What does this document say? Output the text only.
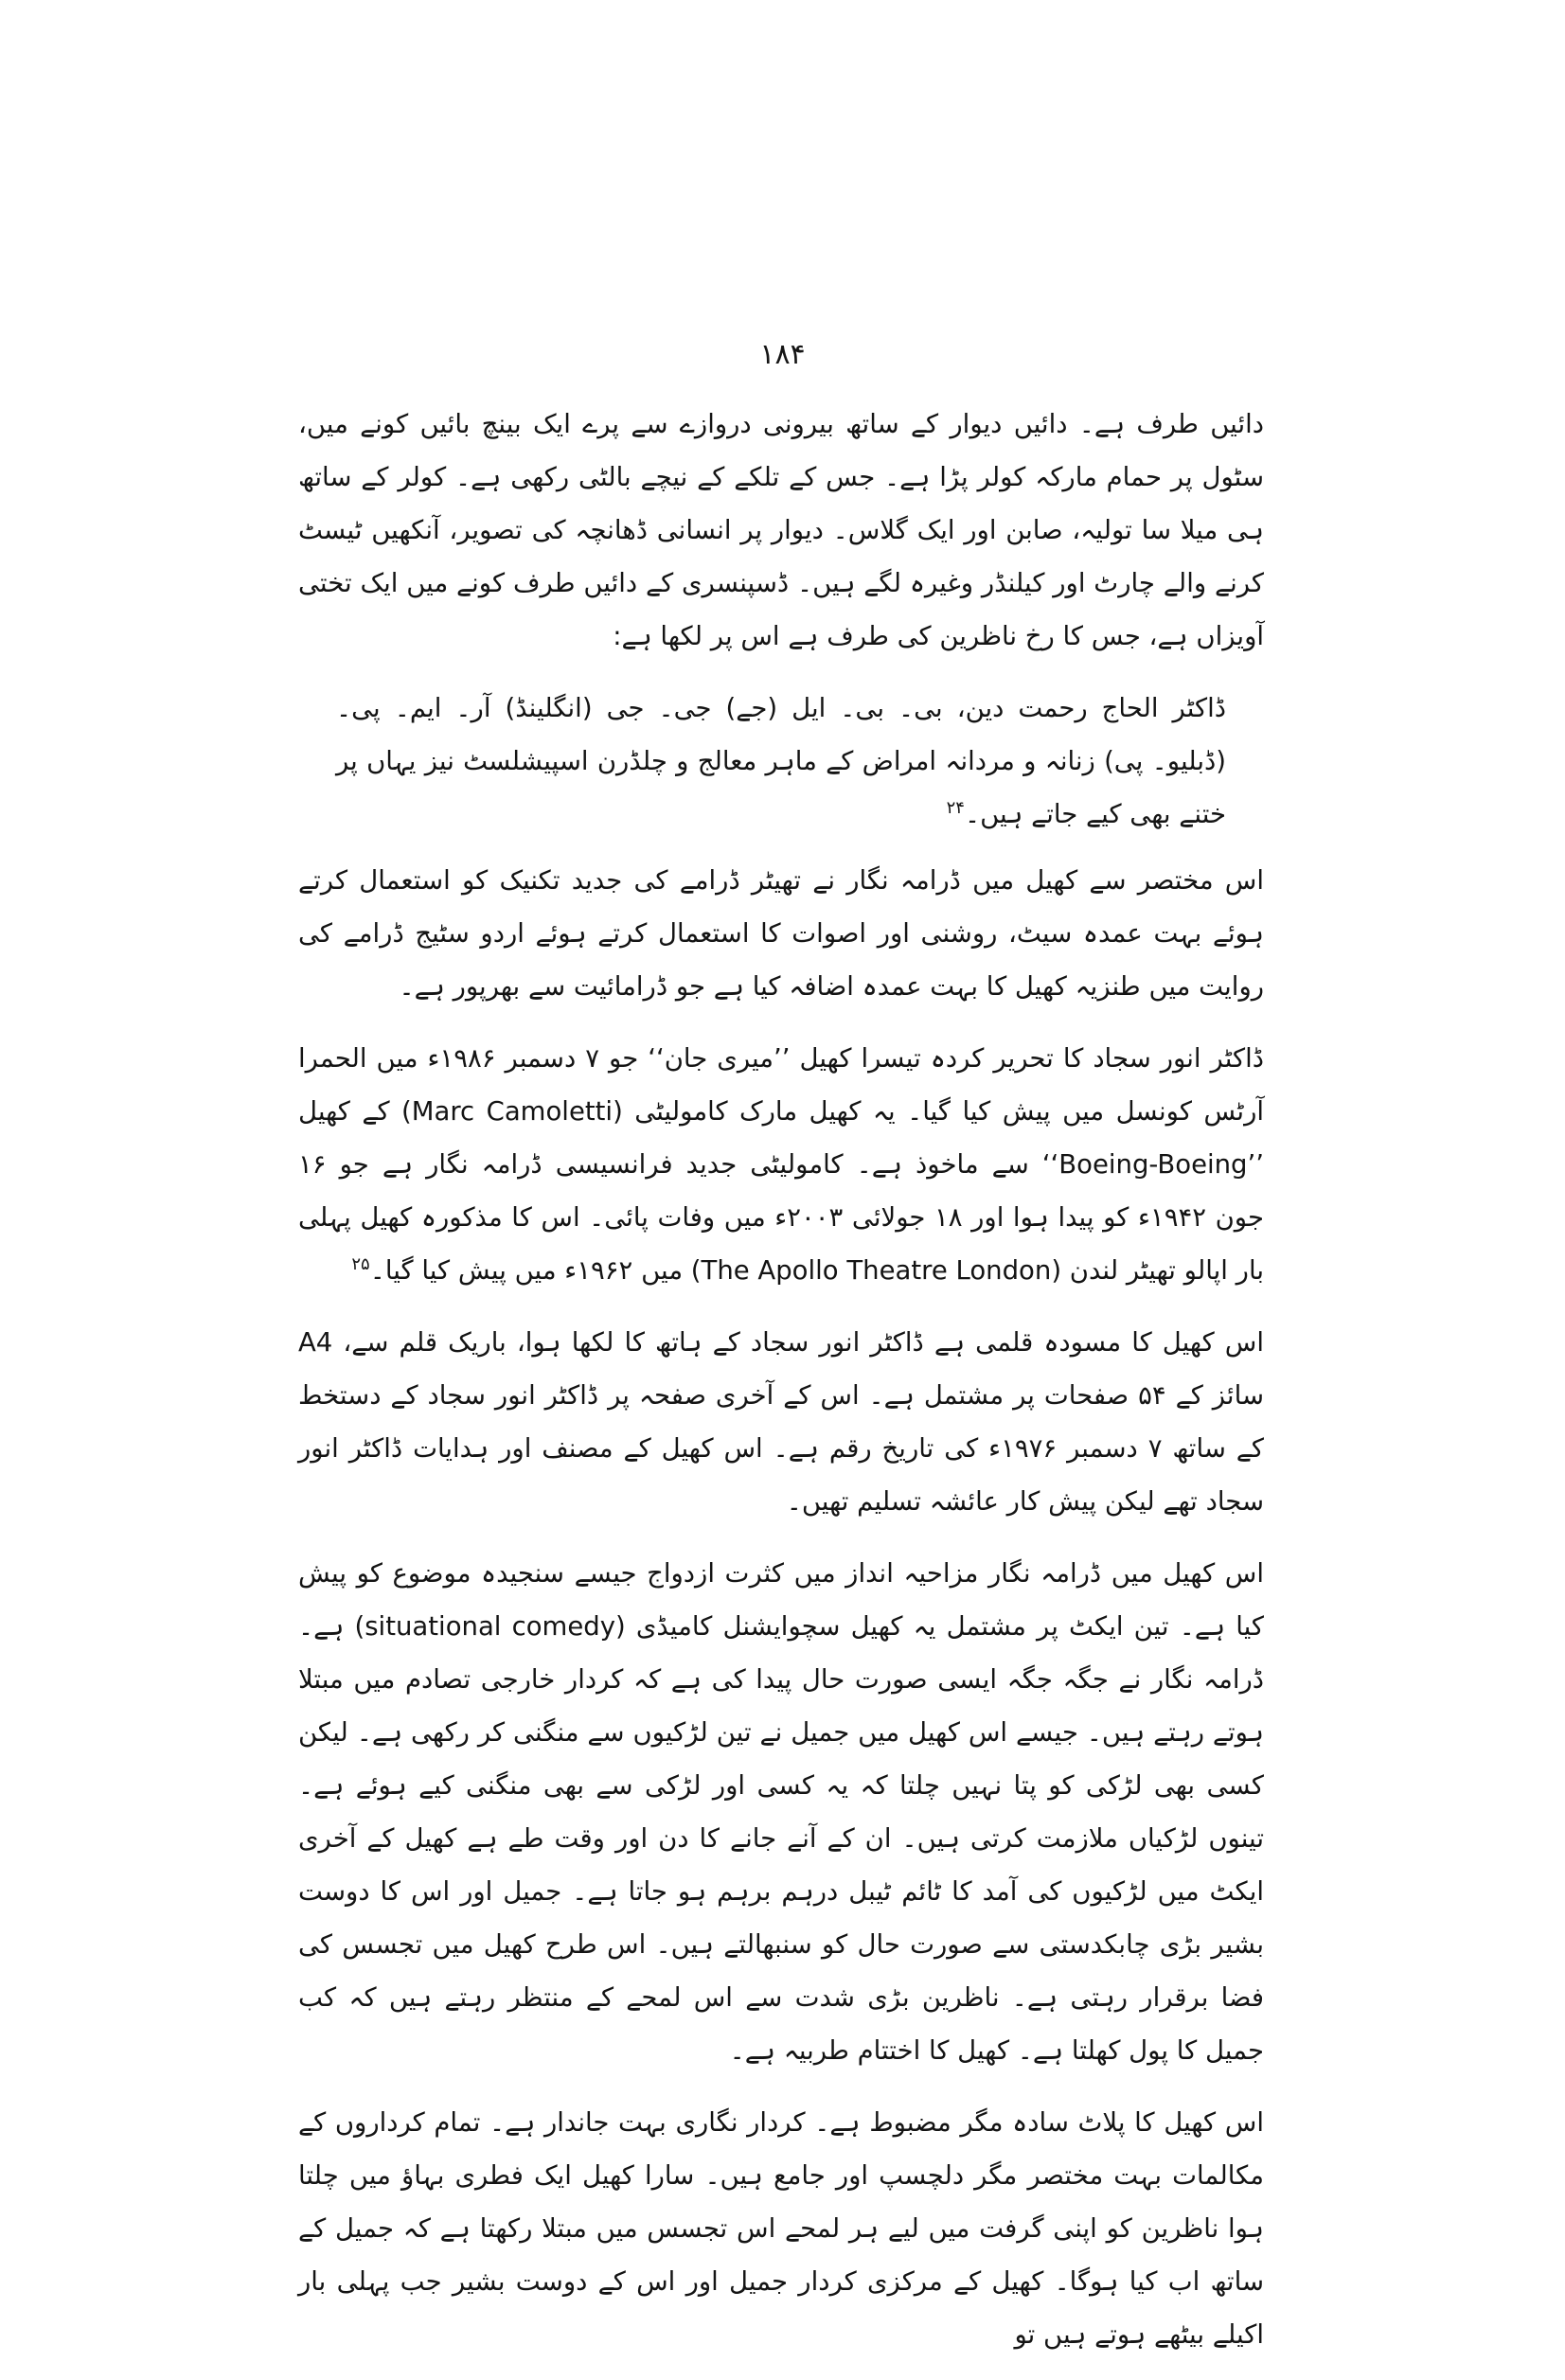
۱۸۴

دائیں طرف ہے۔ دائیں دیوار کے ساتھ بیرونی دروازے سے پرے ایک بینچ بائیں کونے میں، سٹول پر حمام مارکہ کولر پڑا ہے۔ جس کے تلکے کے نیچے بالٹی رکھی ہے۔ کولر کے ساتھ ہی میلا سا تولیہ، صابن اور ایک گلاس۔ دیوار پر انسانی ڈھانچہ کی تصویر، آنکھیں ٹیسٹ کرنے والے چارٹ اور کیلنڈر وغیرہ لگے ہیں۔ ڈسپنسری کے دائیں طرف کونے میں ایک تختی آویزاں ہے، جس کا رخ ناظرین کی طرف ہے اس پر لکھا ہے:

ڈاکٹر الحاج رحمت دین، بی۔ بی۔ ایل (جے) جی۔ جی (انگلینڈ) آر۔ ایم۔ پی۔ (ڈبلیو۔ پی) زنانہ و مردانہ امراض کے ماہر معالج و چلڈرن اسپیشلسٹ نیز یہاں پر ختنے بھی کیے جاتے ہیں۔$^{۲۴}$

اس مختصر سے کھیل میں ڈرامہ نگار نے تھیٹر ڈرامے کی جدید تکنیک کو استعمال کرتے ہوئے بہت عمدہ سیٹ، روشنی اور اصوات کا استعمال کرتے ہوئے اردو سٹیج ڈرامے کی روایت میں طنزیہ کھیل کا بہت عمدہ اضافہ کیا ہے جو ڈرامائیت سے بھرپور ہے۔

ڈاکٹر انور سجاد کا تحریر کردہ تیسرا کھیل ’’میری جان‘‘ جو ۷ دسمبر ۱۹۸۶ء میں الحمرا آرٹس کونسل میں پیش کیا گیا۔ یہ کھیل مارک کامولیٹی (Marc Camoletti) کے کھیل ’’Boeing-Boeing‘‘ سے ماخوذ ہے۔ کامولیٹی جدید فرانسیسی ڈرامہ نگار ہے جو ۱۶ جون ۱۹۴۲ء کو پیدا ہوا اور ۱۸ جولائی ۲۰۰۳ء میں وفات پائی۔ اس کا مذکورہ کھیل پہلی بار اپالو تھیٹر لندن (The Apollo Theatre London) میں ۱۹۶۲ء میں پیش کیا گیا۔$^{۲۵}$

اس کھیل کا مسودہ قلمی ہے ڈاکٹر انور سجاد کے ہاتھ کا لکھا ہوا، باریک قلم سے، A4 سائز کے ۵۴ صفحات پر مشتمل ہے۔ اس کے آخری صفحہ پر ڈاکٹر انور سجاد کے دستخط کے ساتھ ۷ دسمبر ۱۹۷۶ء کی تاریخ رقم ہے۔ اس کھیل کے مصنف اور ہدایات ڈاکٹر انور سجاد تھے لیکن پیش کار عائشہ تسلیم تھیں۔

اس کھیل میں ڈرامہ نگار مزاحیہ انداز میں کثرت ازدواج جیسے سنجیدہ موضوع کو پیش کیا ہے۔ تین ایکٹ پر مشتمل یہ کھیل سچوایشنل کامیڈی (situational comedy) ہے۔ ڈرامہ نگار نے جگہ جگہ ایسی صورت حال پیدا کی ہے کہ کردار خارجی تصادم میں مبتلا ہوتے رہتے ہیں۔ جیسے اس کھیل میں جمیل نے تین لڑکیوں سے منگنی کر رکھی ہے۔ لیکن کسی بھی لڑکی کو پتا نہیں چلتا کہ یہ کسی اور لڑکی سے بھی منگنی کیے ہوئے ہے۔ تینوں لڑکیاں ملازمت کرتی ہیں۔ ان کے آنے جانے کا دن اور وقت طے ہے کھیل کے آخری ایکٹ میں لڑکیوں کی آمد کا ٹائم ٹیبل درہم برہم ہو جاتا ہے۔ جمیل اور اس کا دوست بشیر بڑی چابکدستی سے صورت حال کو سنبھالتے ہیں۔ اس طرح کھیل میں تجسس کی فضا برقرار رہتی ہے۔ ناظرین بڑی شدت سے اس لمحے کے منتظر رہتے ہیں کہ کب جمیل کا پول کھلتا ہے۔ کھیل کا اختتام طربیہ ہے۔

اس کھیل کا پلاٹ سادہ مگر مضبوط ہے۔ کردار نگاری بہت جاندار ہے۔ تمام کرداروں کے مکالمات بہت مختصر مگر دلچسپ اور جامع ہیں۔ سارا کھیل ایک فطری بہاؤ میں چلتا ہوا ناظرین کو اپنی گرفت میں لیے ہر لمحے اس تجسس میں مبتلا رکھتا ہے کہ جمیل کے ساتھ اب کیا ہوگا۔ کھیل کے مرکزی کردار جمیل اور اس کے دوست بشیر جب پہلی بار اکیلے بیٹھے ہوتے ہیں تو
